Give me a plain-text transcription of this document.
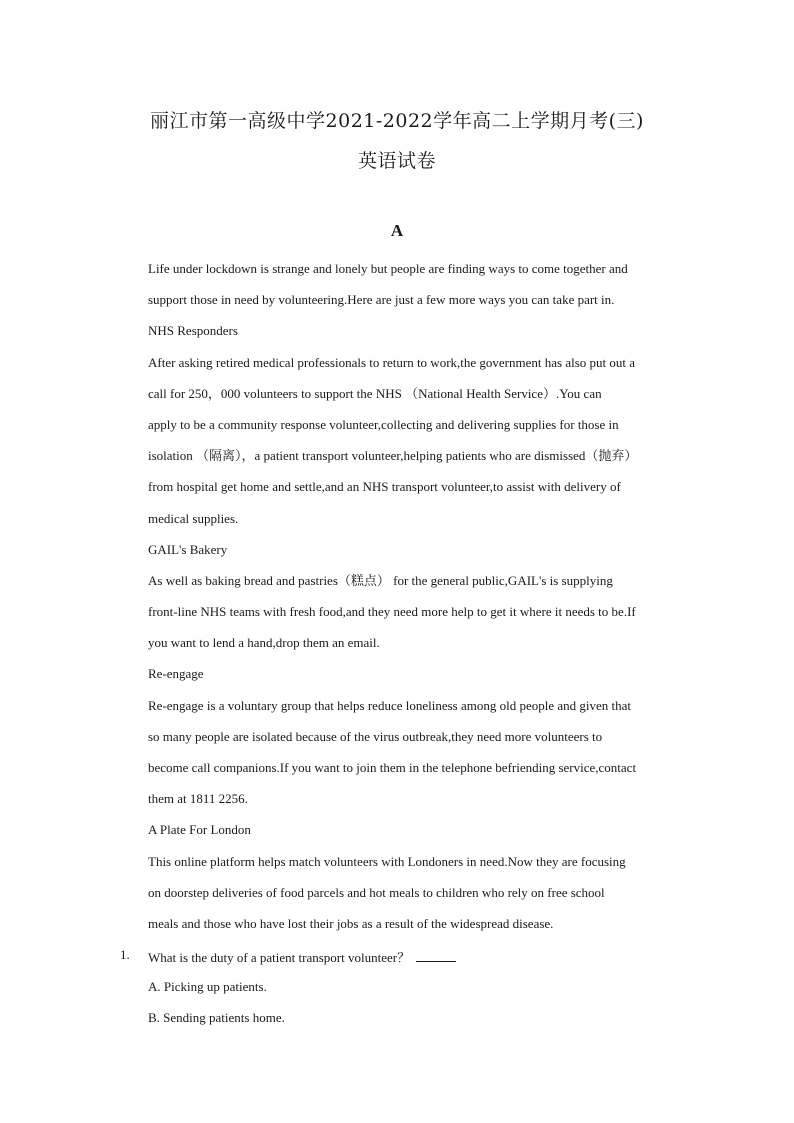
丽江市第一高级中学2021-2022学年高二上学期月考(三)
英语试卷
A
Life under lockdown is strange and lonely but people are finding ways to come together and
support those in need by volunteering.Here are just a few more ways you can take part in.
NHS Responders
After asking retired medical professionals to return to work,the government has also put out a
call for 250，000 volunteers to support the NHS （National Health Service）.You can
apply to be a community response volunteer,collecting and delivering supplies for those in
isolation （隔离），a patient transport volunteer,helping patients who are dismissed（抛弃）
from hospital get home and settle,and an NHS transport volunteer,to assist with delivery of
medical supplies.
GAIL's Bakery
As well as baking bread and pastries（糕点） for the general public,GAIL's is supplying
front-line NHS teams with fresh food,and they need more help to get it where it needs to be.If
you want to lend a hand,drop them an email.
Re-engage
Re-engage is a voluntary group that helps reduce loneliness among old people and given that
so many people are isolated because of the virus outbreak,they need more volunteers to
become call companions.If you want to join them in the telephone befriending service,contact
them at 1811 2256.
A Plate For London
This online platform helps match volunteers with Londoners in need.Now they are focusing
on doorstep deliveries of food parcels and hot meals to children who rely on free school
meals and those who have lost their jobs as a result of the widespread disease.
1. What is the duty of a patient transport volunteer？
A. Picking up patients.
B. Sending patients home.
